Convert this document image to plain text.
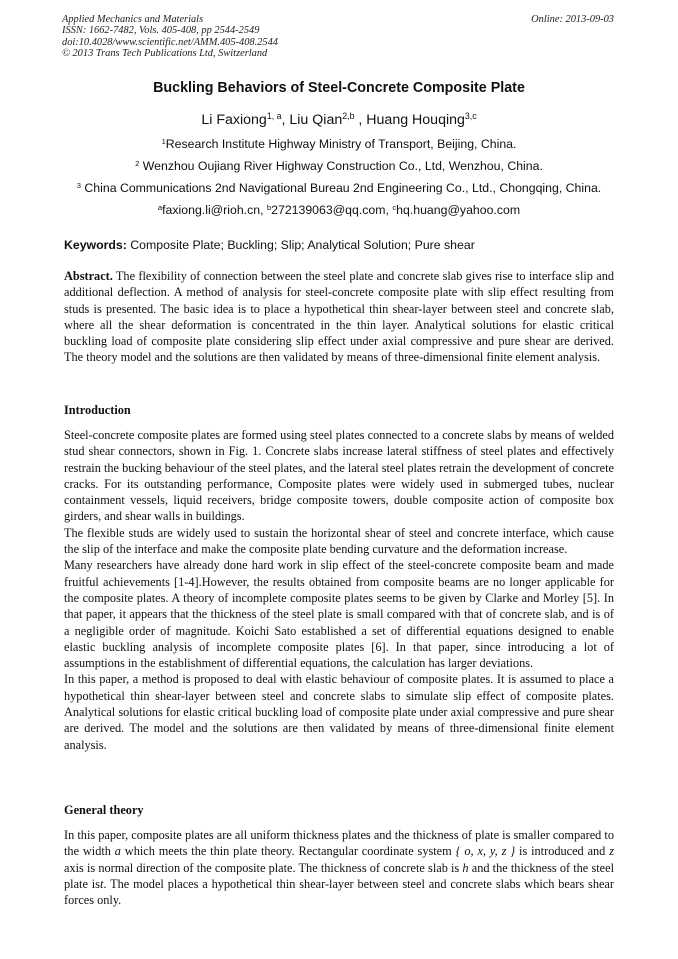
Applied Mechanics and Materials
ISSN: 1662-7482, Vols. 405-408, pp 2544-2549
doi:10.4028/www.scientific.net/AMM.405-408.2544
© 2013 Trans Tech Publications Ltd, Switzerland
Online: 2013-09-03
Buckling Behaviors of Steel-Concrete Composite Plate
Li Faxiong$^{1, a}$, Liu Qian$^{2,b}$ , Huang Houqing$^{3,c}$
$^1$Research Institute Highway Ministry of Transport, Beijing, China.
$^2$ Wenzhou Oujiang River Highway Construction Co., Ltd, Wenzhou, China.
$^3$ China Communications 2nd Navigational Bureau 2nd Engineering Co., Ltd., Chongqing, China.
$^a$faxiong.li@rioh.cn, $^b$272139063@qq.com, $^c$hq.huang@yahoo.com
Keywords: Composite Plate; Buckling; Slip; Analytical Solution; Pure shear

Abstract. The flexibility of connection between the steel plate and concrete slab gives rise to interface slip and additional deflection. A method of analysis for steel-concrete composite plate with slip effect resulting from studs is presented. The basic idea is to place a hypothetical thin shear-layer between steel and concrete slab, where all the shear deformation is concentrated in the thin layer. Analytical solutions for elastic critical buckling load of composite plate considering slip effect under axial compressive and pure shear are derived. The theory model and the solutions are then validated by means of three-dimensional finite element analysis.

Introduction

Steel-concrete composite plates are formed using steel plates connected to a concrete slabs by means of welded stud shear connectors, shown in Fig. 1. Concrete slabs increase lateral stiffness of steel plates and effectively restrain the bucking behaviour of the steel plates, and the lateral steel plates retrain the development of concrete cracks. For its outstanding performance, Composite plates were widely used in submerged tubes, nuclear containment vessels, liquid receivers, bridge composite towers, double composite action of composite box girders, and shear walls in buildings.

The flexible studs are widely used to sustain the horizontal shear of steel and concrete interface, which cause the slip of the interface and make the composite plate bending curvature and the deformation increase.

Many researchers have already done hard work in slip effect of the steel-concrete composite beam and made fruitful achievements [1-4].However, the results obtained from composite beams are no longer applicable for the composite plates. A theory of incomplete composite plates seems to be given by Clarke and Morley [5]. In that paper, it appears that the thickness of the steel plate is small compared with that of concrete slab, and is of a negligible order of magnitude. Koichi Sato established a set of differential equations designed to enable elastic buckling analysis of incomplete composite plates [6]. In that paper, since introducing a lot of assumptions in the establishment of differential equations, the calculation has larger deviations.

In this paper, a method is proposed to deal with elastic behaviour of composite plates. It is assumed to place a hypothetical thin shear-layer between steel and concrete slabs to simulate slip effect of composite plates. Analytical solutions for elastic critical buckling load of composite plate under axial compressive and pure shear are derived. The model and the solutions are then validated by means of three-dimensional finite element analysis.

General theory

In this paper, composite plates are all uniform thickness plates and the thickness of plate is smaller compared to the width a which meets the thin plate theory. Rectangular coordinate system { o, x, y, z } is introduced and z axis is normal direction of the composite plate. The thickness of concrete slab is h and the thickness of the steel plate ist. The model places a hypothetical thin shear-layer between steel and concrete slabs which bears shear forces only.
